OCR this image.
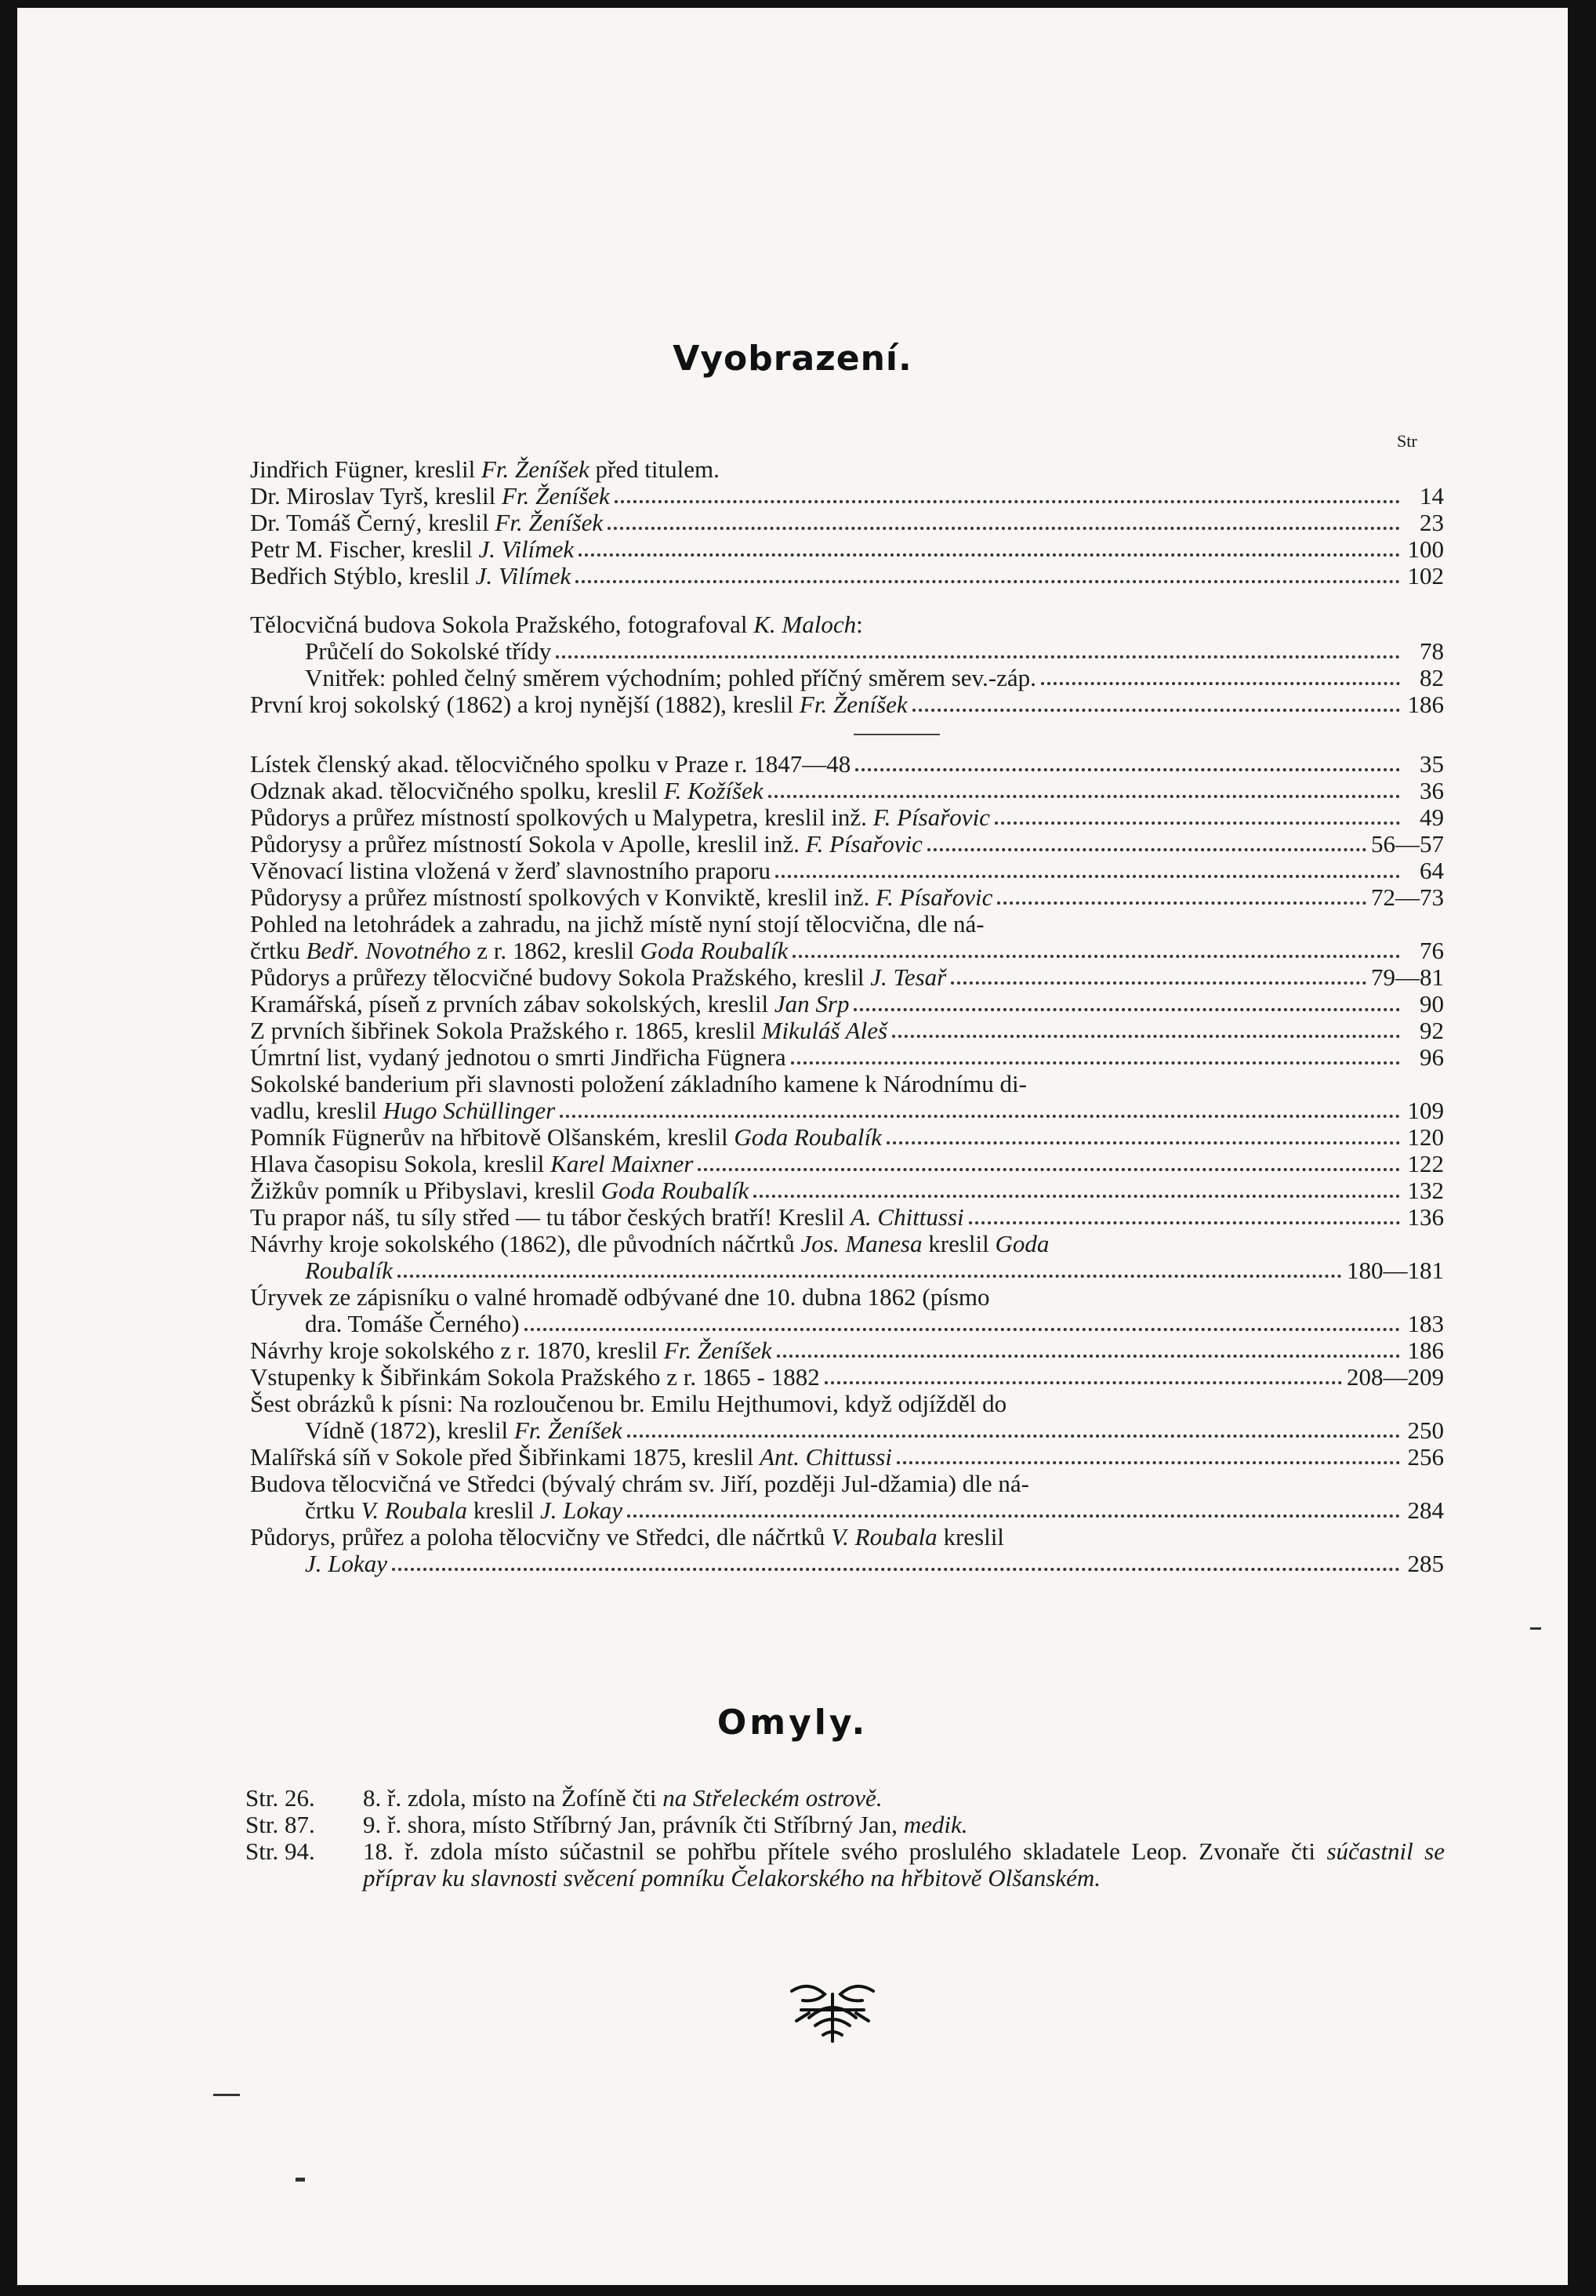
Vyobrazení.
Str
Jindřich Fügner, kreslil Fr. Ženíšek před titulem.
Dr. Miroslav Tyrš, kreslil Fr. Ženíšek	14
Dr. Tomáš Černý, kreslil Fr. Ženíšek	23
Petr M. Fischer, kreslil J. Vilímek	100
Bedřich Stýblo, kreslil J. Vilímek	102
Tělocvičná budova Sokola Pražského, fotografoval K. Maloch:
Průčelí do Sokolské třídy	78
Vnitřek: pohled čelný směrem východním; pohled příčný směrem sev.-záp.	82
První kroj sokolský (1862) a kroj nynější (1882), kreslil Fr. Ženíšek	186
Lístek členský akad. tělocvičného spolku v Praze r. 1847—48	35
Odznak akad. tělocvičného spolku, kreslil F. Kožíšek	36
Půdorys a průřez místností spolkových u Malypetra, kreslil inž. F. Písařovic	49
Půdorysy a průřez místností Sokola v Apolle, kreslil inž. F. Písařovic	56—57
Věnovací listina vložená v žerď slavnostního praporu	64
Půdorysy a průřez místností spolkových v Konviktě, kreslil inž. F. Písařovic	72—73
Pohled na letohrádek a zahradu, na jichž místě nyní stojí tělocvična, dle ná-
črtku Bedř. Novotného z r. 1862, kreslil Goda Roubalík	76
Půdorys a průřezy tělocvičné budovy Sokola Pražského, kreslil J. Tesař	79—81
Kramářská, píseň z prvních zábav sokolských, kreslil Jan Srp	90
Z prvních šibřinek Sokola Pražského r. 1865, kreslil Mikuláš Aleš	92
Úmrtní list, vydaný jednotou o smrti Jindřicha Fügnera	96
Sokolské banderium při slavnosti položení základního kamene k Národnímu di-
vadlu, kreslil Hugo Schüllinger	109
Pomník Fügnerův na hřbitově Olšanském, kreslil Goda Roubalík	120
Hlava časopisu Sokola, kreslil Karel Maixner	122
Žižkův pomník u Přibyslavi, kreslil Goda Roubalík	132
Tu prapor náš, tu síly střed — tu tábor českých bratří! Kreslil A. Chittussi	136
Návrhy kroje sokolského (1862), dle původních náčrtků Jos. Manesa kreslil Goda
Roubalík	180—181
Úryvek ze zápisníku o valné hromadě odbývané dne 10. dubna 1862 (písmo
dra. Tomáše Černého)	183
Návrhy kroje sokolského z r. 1870, kreslil Fr. Ženíšek	186
Vstupenky k Šibřinkám Sokola Pražského z r. 1865 - 1882	208—209
Šest obrázků k písni: Na rozloučenou br. Emilu Hejthumovi, když odjížděl do
Vídně (1872), kreslil Fr. Ženíšek	250
Malířská síň v Sokole před Šibřinkami 1875, kreslil Ant. Chittussi	256
Budova tělocvičná ve Středci (bývalý chrám sv. Jiří, později Jul-džamia) dle ná-
črtku V. Roubala kreslil J. Lokay	284
Půdorys, průřez a poloha tělocvičny ve Středci, dle náčrtků V. Roubala kreslil
J. Lokay	285
Omyly.
Str. 26.	8. ř. zdola, místo na Žofíně čti na Střeleckém ostrově.
Str. 87.	9. ř. shora, místo Stříbrný Jan, právník čti Stříbrný Jan, medik.
Str. 94.	18. ř. zdola místo súčastnil se pohřbu přítele svého proslulého skladatele Leop. Zvonaře čti súčastnil se příprav ku slavnosti svěcení pomníku Čelakorského na hřbitově Olšanském.
